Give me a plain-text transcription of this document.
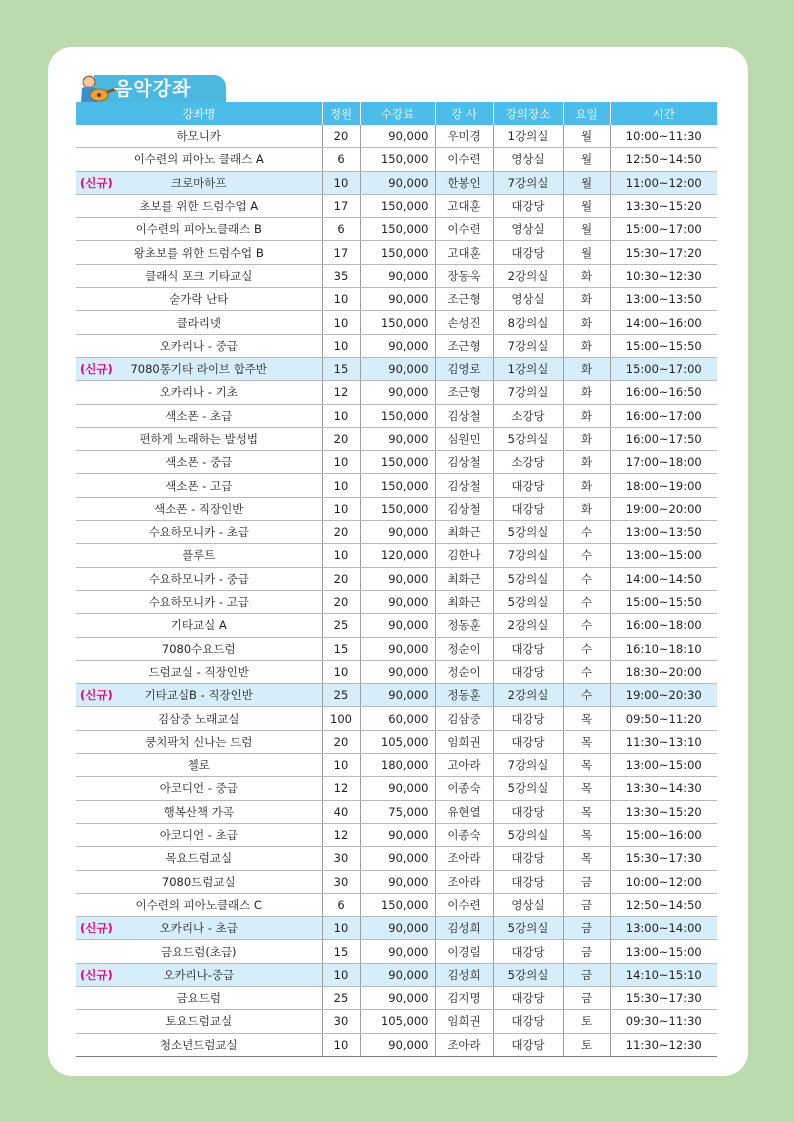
음악강좌
강좌명	정원	수강료	강 사	강의장소	요일	시간
하모니카	20	90,000	우미경	1강의실	월	10:00~11:30
이수련의 피아노 클래스 A	6	150,000	이수련	영상실	월	12:50~14:50

(신규) 크로마하프	10	90,000	한봉인	7강의실	월	11:00~12:00
초보를 위한 드럼수업 A	17	150,000	고대훈	대강당	월	13:30~15:20
이수련의 피아노클래스 B	6	150,000	이수련	영상실	월	15:00~17:00
왕초보를 위한 드럼수업 B	17	150,000	고대훈	대강당	월	15:30~17:20
클래식 포크 기타교실	35	90,000	장동욱	2강의실	화	10:30~12:30
숟가락 난타	10	90,000	조근형	영상실	화	13:00~13:50
클라리넷	10	150,000	손성진	8강의실	화	14:00~16:00
오카리나 - 중급	10	90,000	조근형	7강의실	화	15:00~15:50

(신규) 7080통기타 라이브 합주반	15	90,000	김영로	1강의실	화	15:00~17:00
오카리나 - 기초	12	90,000	조근형	7강의실	화	16:00~16:50
색소폰 - 초급	10	150,000	김상철	소강당	화	16:00~17:00
편하게 노래하는 발성법	20	90,000	심원민	5강의실	화	16:00~17:50
색소폰 - 중급	10	150,000	김상철	소강당	화	17:00~18:00
색소폰 - 고급	10	150,000	김상철	대강당	화	18:00~19:00
색소폰 - 직장인반	10	150,000	김상철	대강당	화	19:00~20:00
수요하모니카 - 초급	20	90,000	최화근	5강의실	수	13:00~13:50
플루트	10	120,000	김한나	7강의실	수	13:00~15:00
수요하모니카 - 중급	20	90,000	최화근	5강의실	수	14:00~14:50
수요하모니카 - 고급	20	90,000	최화근	5강의실	수	15:00~15:50
기타교실 A	25	90,000	정동훈	2강의실	수	16:00~18:00
7080수요드럼	15	90,000	정순이	대강당	수	16:10~18:10
드럼교실 - 직장인반	10	90,000	정순이	대강당	수	18:30~20:00

(신규) 기타교실B - 직장인반	25	90,000	정동훈	2강의실	수	19:00~20:30
김삼중 노래교실	100	60,000	김삼중	대강당	목	09:50~11:20
쿵치팍치 신나는 드럼	20	105,000	임희권	대강당	목	11:30~13:10
첼로	10	180,000	고아라	7강의실	목	13:00~15:00
아코디언 - 중급	12	90,000	이종숙	5강의실	목	13:30~14:30
행복산책 가곡	40	75,000	유현열	대강당	목	13:30~15:20
아코디언 - 초급	12	90,000	이종숙	5강의실	목	15:00~16:00
목요드럼교실	30	90,000	조아라	대강당	목	15:30~17:30
7080드럼교실	30	90,000	조아라	대강당	금	10:00~12:00
이수련의 피아노클래스 C	6	150,000	이수련	영상실	금	12:50~14:50

(신규) 오카리나 - 초급	10	90,000	김성희	5강의실	금	13:00~14:00
금요드럼(초급)	15	90,000	이경림	대강당	금	13:00~15:00

(신규) 오카리나-중급	10	90,000	김성희	5강의실	금	14:10~15:10
금요드럼	25	90,000	김지명	대강당	금	15:30~17:30
토요드럼교실	30	105,000	임희권	대강당	토	09:30~11:30
청소년드럼교실	10	90,000	조아라	대강당	토	11:30~12:30
